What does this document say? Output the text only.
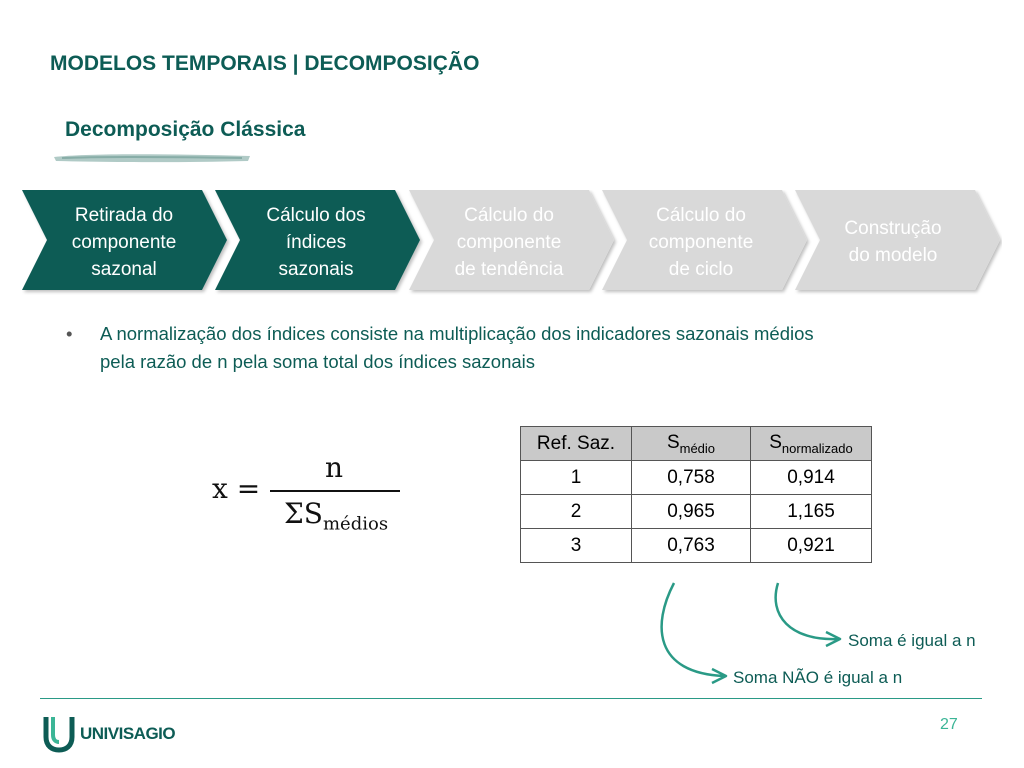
MODELOS TEMPORAIS | DECOMPOSIÇÃO
Decomposição Clássica
Retirada do
componente
sazonal
Cálculo dos
índices
sazonais
Cálculo do
componente
de tendência
Cálculo do
componente
de ciclo
Construção
do modelo
• A normalização dos índices consiste na multiplicação dos indicadores sazonais médios
pela razão de n pela soma total dos índices sazonais
x =
n
$\Sigma S_{médios}$
Ref. Saz.	$S_{médio}$	$S_{normalizado}$
1	0,758	0,914
2	0,965	1,165
3	0,763	0,921
Soma é igual a n
Soma NÃO é igual a n
UNIVISAGIO	27
